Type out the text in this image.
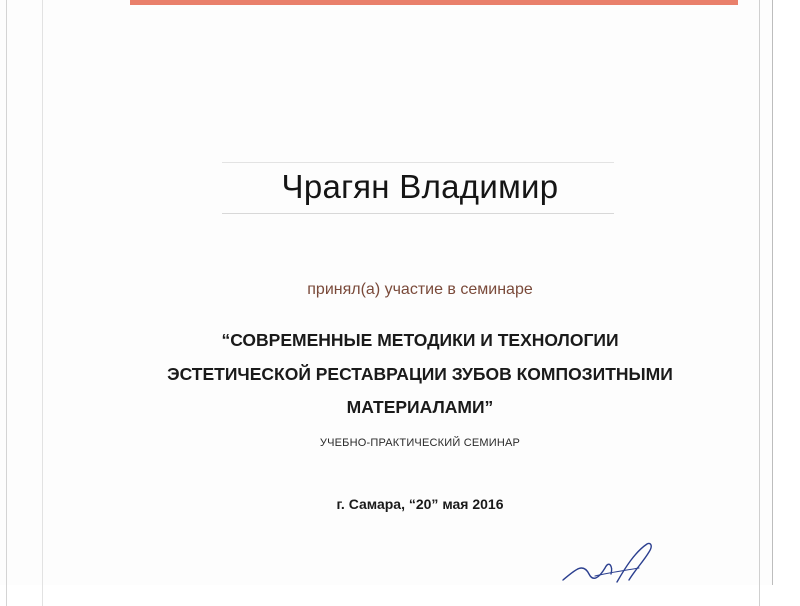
Чрагян Владимир
принял(а) участие в семинаре
“СОВРЕМЕННЫЕ МЕТОДИКИ И ТЕХНОЛОГИИ
ЭСТЕТИЧЕСКОЙ РЕСТАВРАЦИИ ЗУБОВ КОМПОЗИТНЫМИ
МАТЕРИАЛАМИ”
УЧЕБНО-ПРАКТИЧЕСКИЙ СЕМИНАР
г. Самара, “20” мая 2016
